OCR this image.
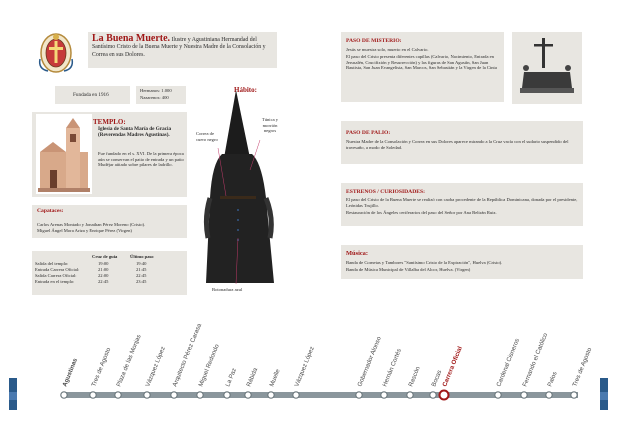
La Buena Muerte. Ilustre y Agustiniana Hermandad del Santísimo Cristo de la Buena Muerte y Nuestra Madre de la Consolación y Correa en sus Dolores.
Fundada en 1916
Hermanos: 1.000
Nazarenos: 400
TEMPLO:
Iglesia de Santa María de Gracia (Reverendas Madres Agustinas).
Fue fundado en el s. XVI. De la primera época aún se conservan el patio de entrada y un patio Mudéjar aiitado sobre pilares de ladrillo.
Capataces:
Carlos Arenas Montado y Jonathan Pérez Moreno (Cristo).
Miguel Ángel Mora Ariza y Enrique Pérez (Virgen)
Cruz de guía	Último paso
Salida del templo:	19:00	19:40
Entrada Carrera Oficial:	21:00	21:45
Salida Carrera Oficial:	22:00	22:45
Entrada en el templo:	22:45	23:45
Hábito:
Correa de cuero negro
Túnica y morrión negros
Botonadura azul
PASO DE MISTERIO:
Jesús se muestra solo, muerto en el Calvario.
El paso del Cristo presenta diferentes capillas (Calvario, Nacimiento, Entrada en Jerusalén, Crucifixión y Resurrección) y las figuras de San Agustín, San Juan Bautista, San Juan Evangelista, San Marcos, San Sebastián y la Virgen de la Cinta
PASO DE PALIO:
Nuestra Madre de la Consolación y Correa en sus Dolores aparece mirando a la Cruz vacía con el sudario suspendido del travesaño, a modo de Soledad.
ESTRENOS / CURIOSIDADES:
El paso del Cristo de la Buena Muerte se realizó con caoba procedente de la República Dominicana, donada por el presidente, Leónidas Trujillo.
Restauración de los Ángeles ceriferarios del paso del Señor por Ana Beltrán Ruiz.
Música:
Banda de Cornetas y Tambores "Santísimo Cristo de la Expiración", Huelva (Cristo).
Banda de Música Municipal de Villalba del Alcor, Huelva. (Virgen)
Agustinas Tres de Agosto Plaza de las Monjas Vázquez López Arquitecto Pérez Carasa
Miguel Redondo La Paz Rábida Muelle Vázquez López	Gobernador Alonso
Hernán Cortés Rascón Bocas
Carrera Oficial	Cardenal Cisneros Fernando el Católico
Palos Tres de Agosto
